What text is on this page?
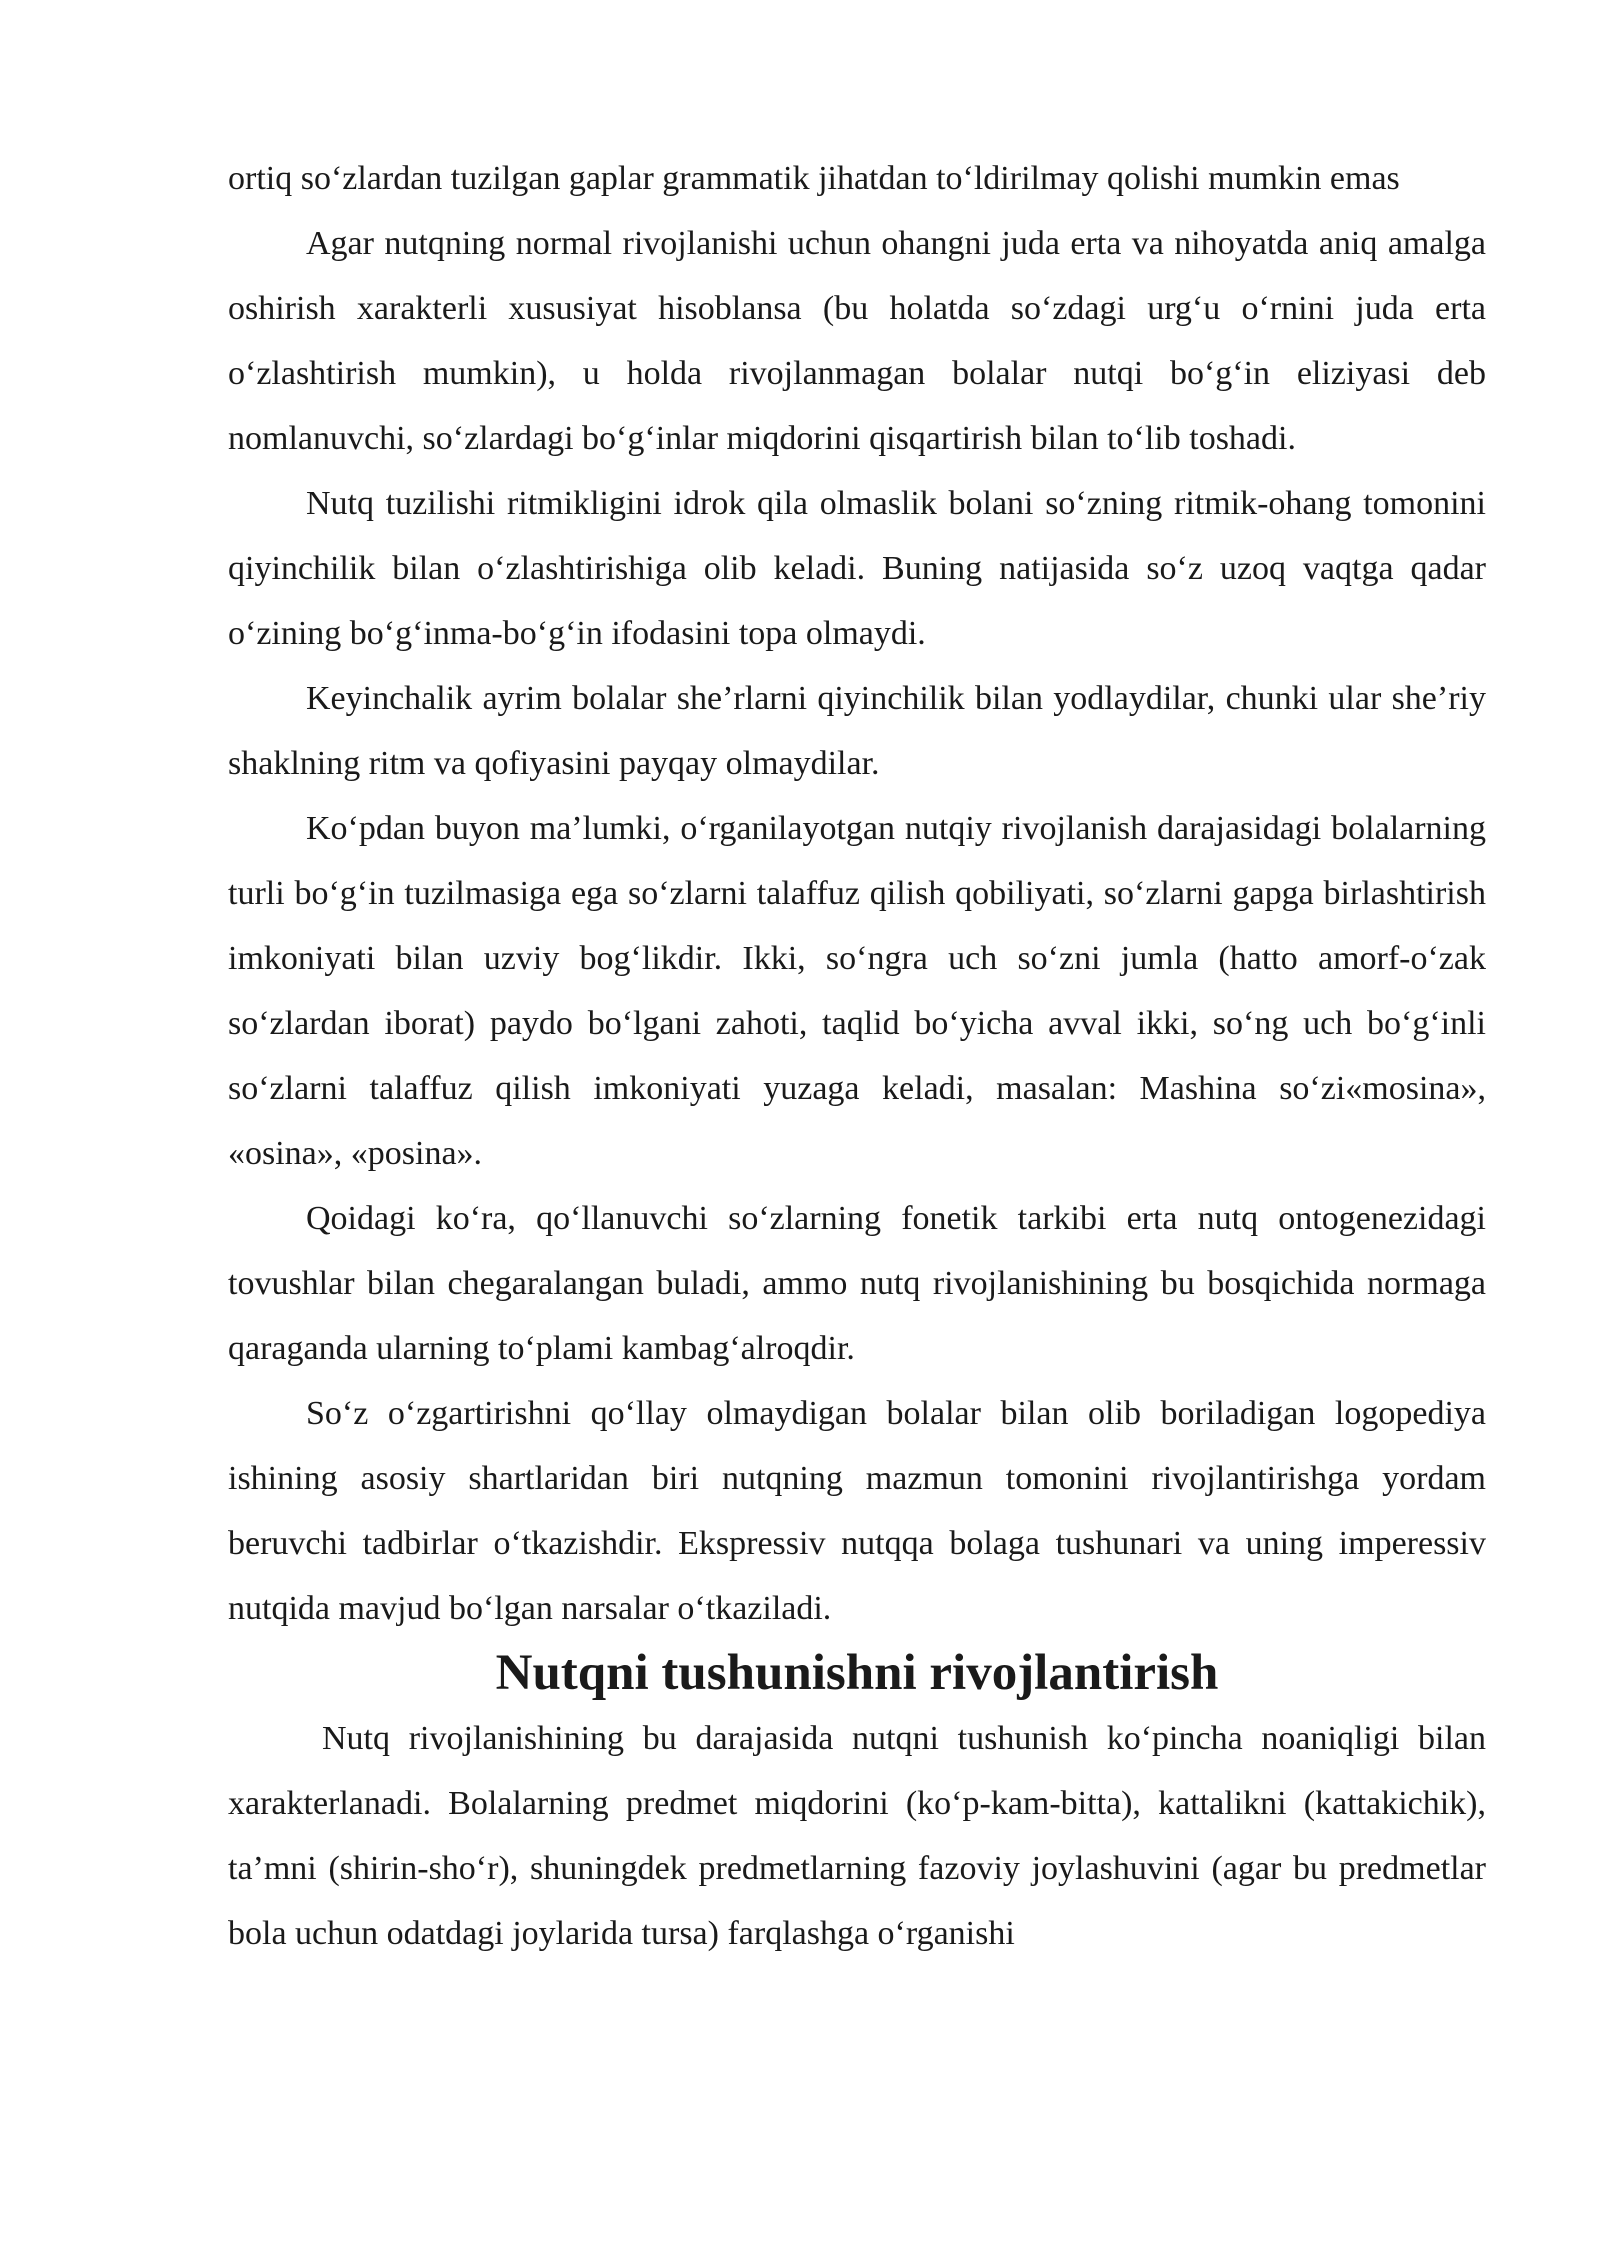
ortiq so‘zlardan tuzilgan gaplar grammatik jihatdan to‘ldirilmay qolishi mumkin emas

Agar nutqning normal rivojlanishi uchun ohangni juda erta va nihoyatda aniq amalga oshirish xarakterli xususiyat hisoblansa (bu holatda so‘zdagi urg‘u o‘rnini juda erta o‘zlashtirish mumkin), u holda rivojlanmagan bolalar nutqi bo‘g‘in eliziyasi deb nomlanuvchi, so‘zlardagi bo‘g‘inlar miqdorini qisqartirish bilan to‘lib toshadi.

Nutq tuzilishi ritmikligini idrok qila olmaslik bolani so‘zning ritmik-ohang tomonini qiyinchilik bilan o‘zlashtirishiga olib keladi. Buning natijasida so‘z uzoq vaqtga qadar o‘zining bo‘g‘inma-bo‘g‘in ifodasini topa olmaydi.

Keyinchalik ayrim bolalar she’rlarni qiyinchilik bilan yodlaydilar, chunki ular she’riy shaklning ritm va qofiyasini payqay olmaydilar.

Ko‘pdan buyon ma’lumki, o‘rganilayotgan nutqiy rivojlanish darajasidagi bolalarning turli bo‘g‘in tuzilmasiga ega so‘zlarni talaffuz qilish qobiliyati, so‘zlarni gapga birlashtirish imkoniyati bilan uzviy bog‘likdir. Ikki, so‘ngra uch so‘zni jumla (hatto amorf-o‘zak so‘zlardan iborat) paydo bo‘lgani zahoti, taqlid bo‘yicha avval ikki, so‘ng uch bo‘g‘inli so‘zlarni talaffuz qilish imkoniyati yuzaga keladi, masalan: Mashina so‘zi«mosina», «osina», «posina».

Qoidagi ko‘ra, qo‘llanuvchi so‘zlarning fonetik tarkibi erta nutq ontogenezidagi tovushlar bilan chegaralangan buladi, ammo nutq rivojlanishining bu bosqichida normaga qaraganda ularning to‘plami kambag‘alroqdir.

So‘z o‘zgartirishni qo‘llay olmaydigan bolalar bilan olib boriladigan logopediya ishining asosiy shartlaridan biri nutqning mazmun tomonini rivojlantirishga yordam beruvchi tadbirlar o‘tkazishdir. Ekspressiv nutqqa bolaga tushunari va uning imperessiv nutqida mavjud bo‘lgan narsalar o‘tkaziladi.

Nutqni tushunishni rivojlantirish

Nutq rivojlanishining bu darajasida nutqni tushunish ko‘pincha noaniqligi bilan xarakterlanadi. Bolalarning predmet miqdorini (ko‘p-kam-bitta), kattalikni (kattakichik), ta’mni (shirin-sho‘r), shuningdek predmetlarning fazoviy joylashuvini (agar bu predmetlar bola uchun odatdagi joylarida tursa) farqlashga o‘rganishi
